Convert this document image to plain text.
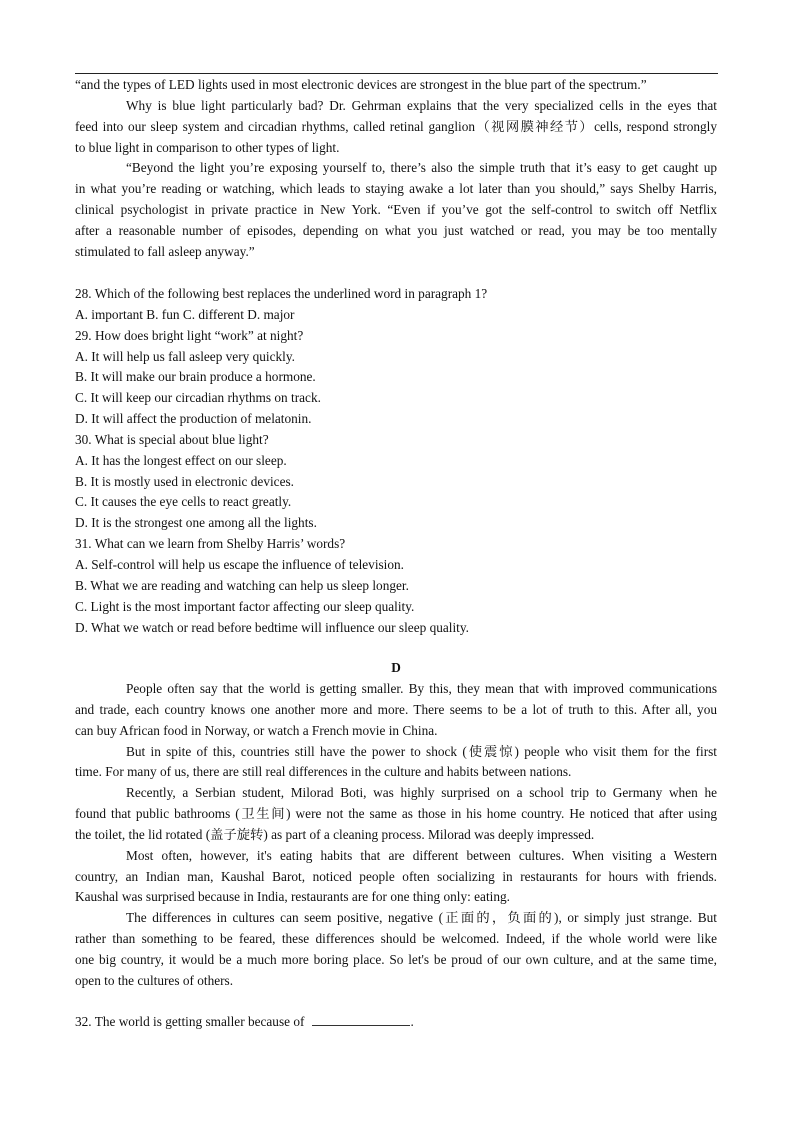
“and the types of LED lights used in most electronic devices are strongest in the blue part of the spectrum.”
Why is blue light particularly bad? Dr. Gehrman explains that the very specialized cells in the eyes that
feed into our sleep system and circadian rhythms, called retinal ganglion（视网膜神经节）cells, respond strongly
to blue light in comparison to other types of light.
“Beyond the light you’re exposing yourself to, there’s also the simple truth that it’s easy to get caught up
in what you’re reading or watching, which leads to staying awake a lot later than you should,” says Shelby Harris,
clinical psychologist in private practice in New York. “Even if you’ve got the self-control to switch off Netflix
after a reasonable number of episodes, depending on what you just watched or read, you may be too mentally
stimulated to fall asleep anyway.”
28. Which of the following best replaces the underlined word in paragraph 1?
A. important B. fun C. different D. major
29. How does bright light “work” at night?
A. It will help us fall asleep very quickly.
B. It will make our brain produce a hormone.
C. It will keep our circadian rhythms on track.
D. It will affect the production of melatonin.
30. What is special about blue light?
A. It has the longest effect on our sleep.
B. It is mostly used in electronic devices.
C. It causes the eye cells to react greatly.
D. It is the strongest one among all the lights.
31. What can we learn from Shelby Harris’ words?
A. Self-control will help us escape the influence of television.
B. What we are reading and watching can help us sleep longer.
C. Light is the most important factor affecting our sleep quality.
D. What we watch or read before bedtime will influence our sleep quality.
D
People often say that the world is getting smaller. By this, they mean that with improved communications
and trade, each country knows one another more and more. There seems to be a lot of truth to this. After all, you
can buy African food in Norway, or watch a French movie in China.
But in spite of this, countries still have the power to shock (使震惊) people who visit them for the first
time. For many of us, there are still real differences in the culture and habits between nations.
Recently, a Serbian student, Milorad Boti, was highly surprised on a school trip to Germany when he
found that public bathrooms (卫生间) were not the same as those in his home country. He noticed that after using
the toilet, the lid rotated (盖子旋转) as part of a cleaning process. Milorad was deeply impressed.
Most often, however, it's eating habits that are different between cultures. When visiting a Western
country, an Indian man, Kaushal Barot, noticed people often socializing in restaurants for hours with friends.
Kaushal was surprised because in India, restaurants are for one thing only: eating.
The differences in cultures can seem positive, negative (正面的，负面的), or simply just strange. But
rather than something to be feared, these differences should be welcomed. Indeed, if the whole world were like
one big country, it would be a much more boring place. So let's be proud of our own culture, and at the same time,
open to the cultures of others.
32. The world is getting smaller because of	.
